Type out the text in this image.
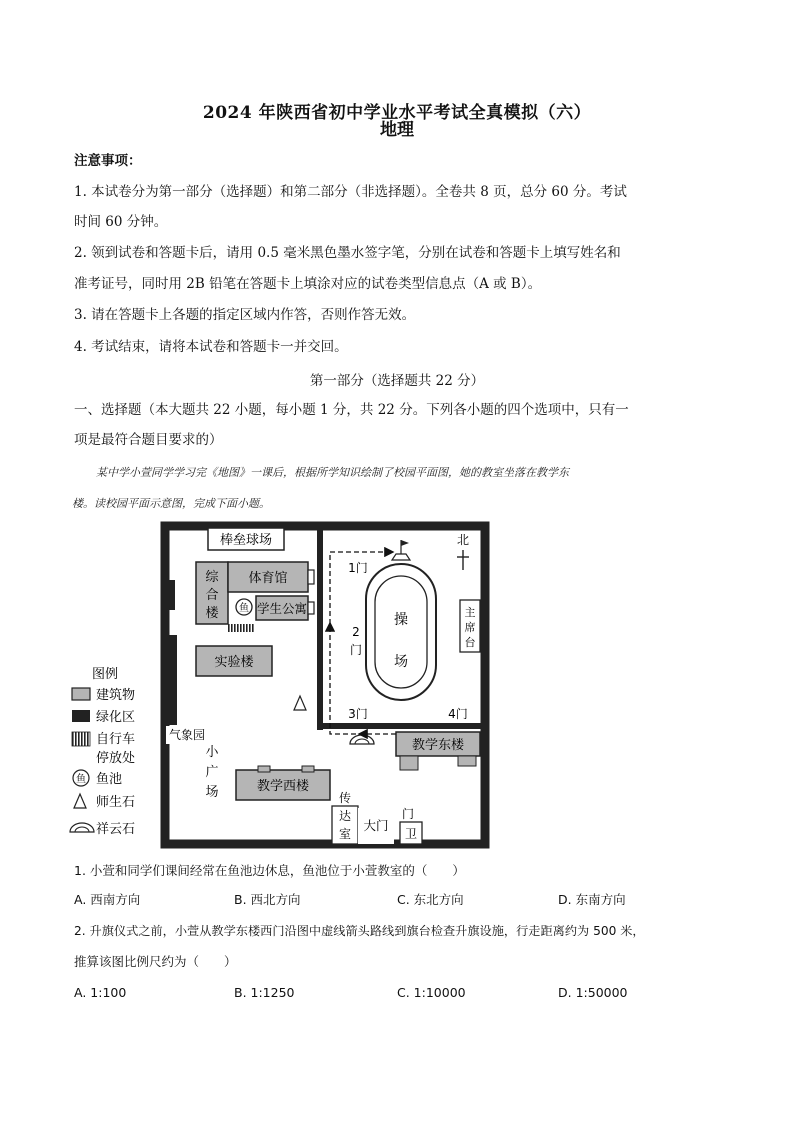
2024 年陕西省初中学业水平考试全真模拟（六）
地理
注意事项：
1. 本试卷分为第一部分（选择题）和第二部分（非选择题）。全卷共 8 页，总分 60 分。考试
时间 60 分钟。
2. 领到试卷和答题卡后，请用 0.5 毫米黑色墨水签字笔，分别在试卷和答题卡上填写姓名和
准考证号，同时用 2B 铅笔在答题卡上填涂对应的试卷类型信息点（A 或 B）。
3. 请在答题卡上各题的指定区域内作答，否则作答无效。
4. 考试结束，请将本试卷和答题卡一并交回。
第一部分（选择题共 22 分）
一、选择题（本大题共 22 小题，每小题 1 分，共 22 分。下列各小题的四个选项中，只有一
项是最符合题目要求的）
某中学小萱同学学习完《地图》一课后，根据所学知识绘制了校园平面图，她的教室坐落在教学东
楼。读校园平面示意图，完成下面小题。
棒垒球场
综
合
楼
体育馆
鱼 学生公寓
实验楼
气象园
小
广
场	教学西楼
传
达
室
大门
门
卫
教学东楼
操
场
主
席
台
1门
2
门
3门	4门
北
图例
建筑物
绿化区
自行车
停放处
鱼 鱼池
师生石
祥云石
1. 小萱和同学们课间经常在鱼池边休息，鱼池位于小萱教室的（　　）
A. 西南方向	B. 西北方向	C. 东北方向	D. 东南方向
2. 升旗仪式之前，小萱从教学东楼西门沿图中虚线箭头路线到旗台检查升旗设施，行走距离约为 500 米，
推算该图比例尺约为（　　）
A. 1:100	B. 1:1250	C. 1:10000	D. 1:50000
